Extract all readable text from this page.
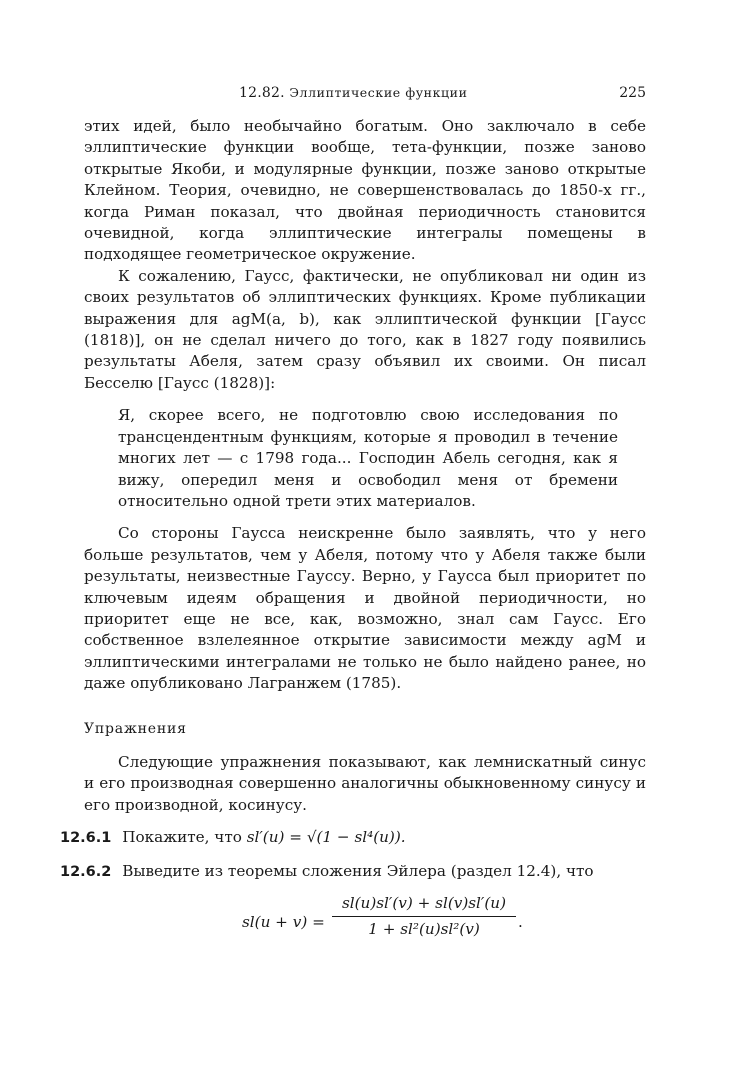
12.82. Эллиптические функции	225

этих идей, было необычайно богатым. Оно заключало в себе эллиптические функции вообще, тета-функции, позже заново открытые Якоби, и модулярные функции, позже заново открытые Клейном. Теория, очевидно, не совершенствовалась до 1850-х гг., когда Риман показал, что двойная периодичность становится очевидной, когда эллиптические интегралы помещены в подходящее геометрическое окружение.

К сожалению, Гаусс, фактически, не опубликовал ни один из своих результатов об эллиптических функциях. Кроме публикации выражения для agM(a, b), как эллиптической функции [Гаусс (1818)], он не сделал ничего до того, как в 1827 году появились результаты Абеля, затем сразу объявил их своими. Он писал Бесселю [Гаусс (1828)]:

Я, скорее всего, не подготовлю свою исследования по трансцендентным функциям, которые я проводил в течение многих лет — с 1798 года... Господин Абель сегодня, как я вижу, опередил меня и освободил меня от бремени относительно одной трети этих материалов.

Со стороны Гаусса неискренне было заявлять, что у него больше результатов, чем у Абеля, потому что у Абеля также были результаты, неизвестные Гауссу. Верно, у Гаусса был приоритет по ключевым идеям обращения и двойной периодичности, но приоритет еще не все, как, возможно, знал сам Гаусс. Его собственное взлелеянное открытие зависимости между agM и эллиптическими интегралами не только не было найдено ранее, но даже опубликовано Лагранжем (1785).

Упражнения

Следующие упражнения показывают, как лемнискатный синус и его производная совершенно аналогичны обыкновенному синусу и его производной, косинусу.

12.6.1 Покажите, что sl′(u) = √(1 − sl⁴(u)).

12.6.2 Выведите из теоремы сложения Эйлера (раздел 12.4), что

$sl(u + v) = \frac{sl(u)sl'(v) + sl(v)sl'(u)}{\text{1 + sl²(u)sl²(v)}}$ .
